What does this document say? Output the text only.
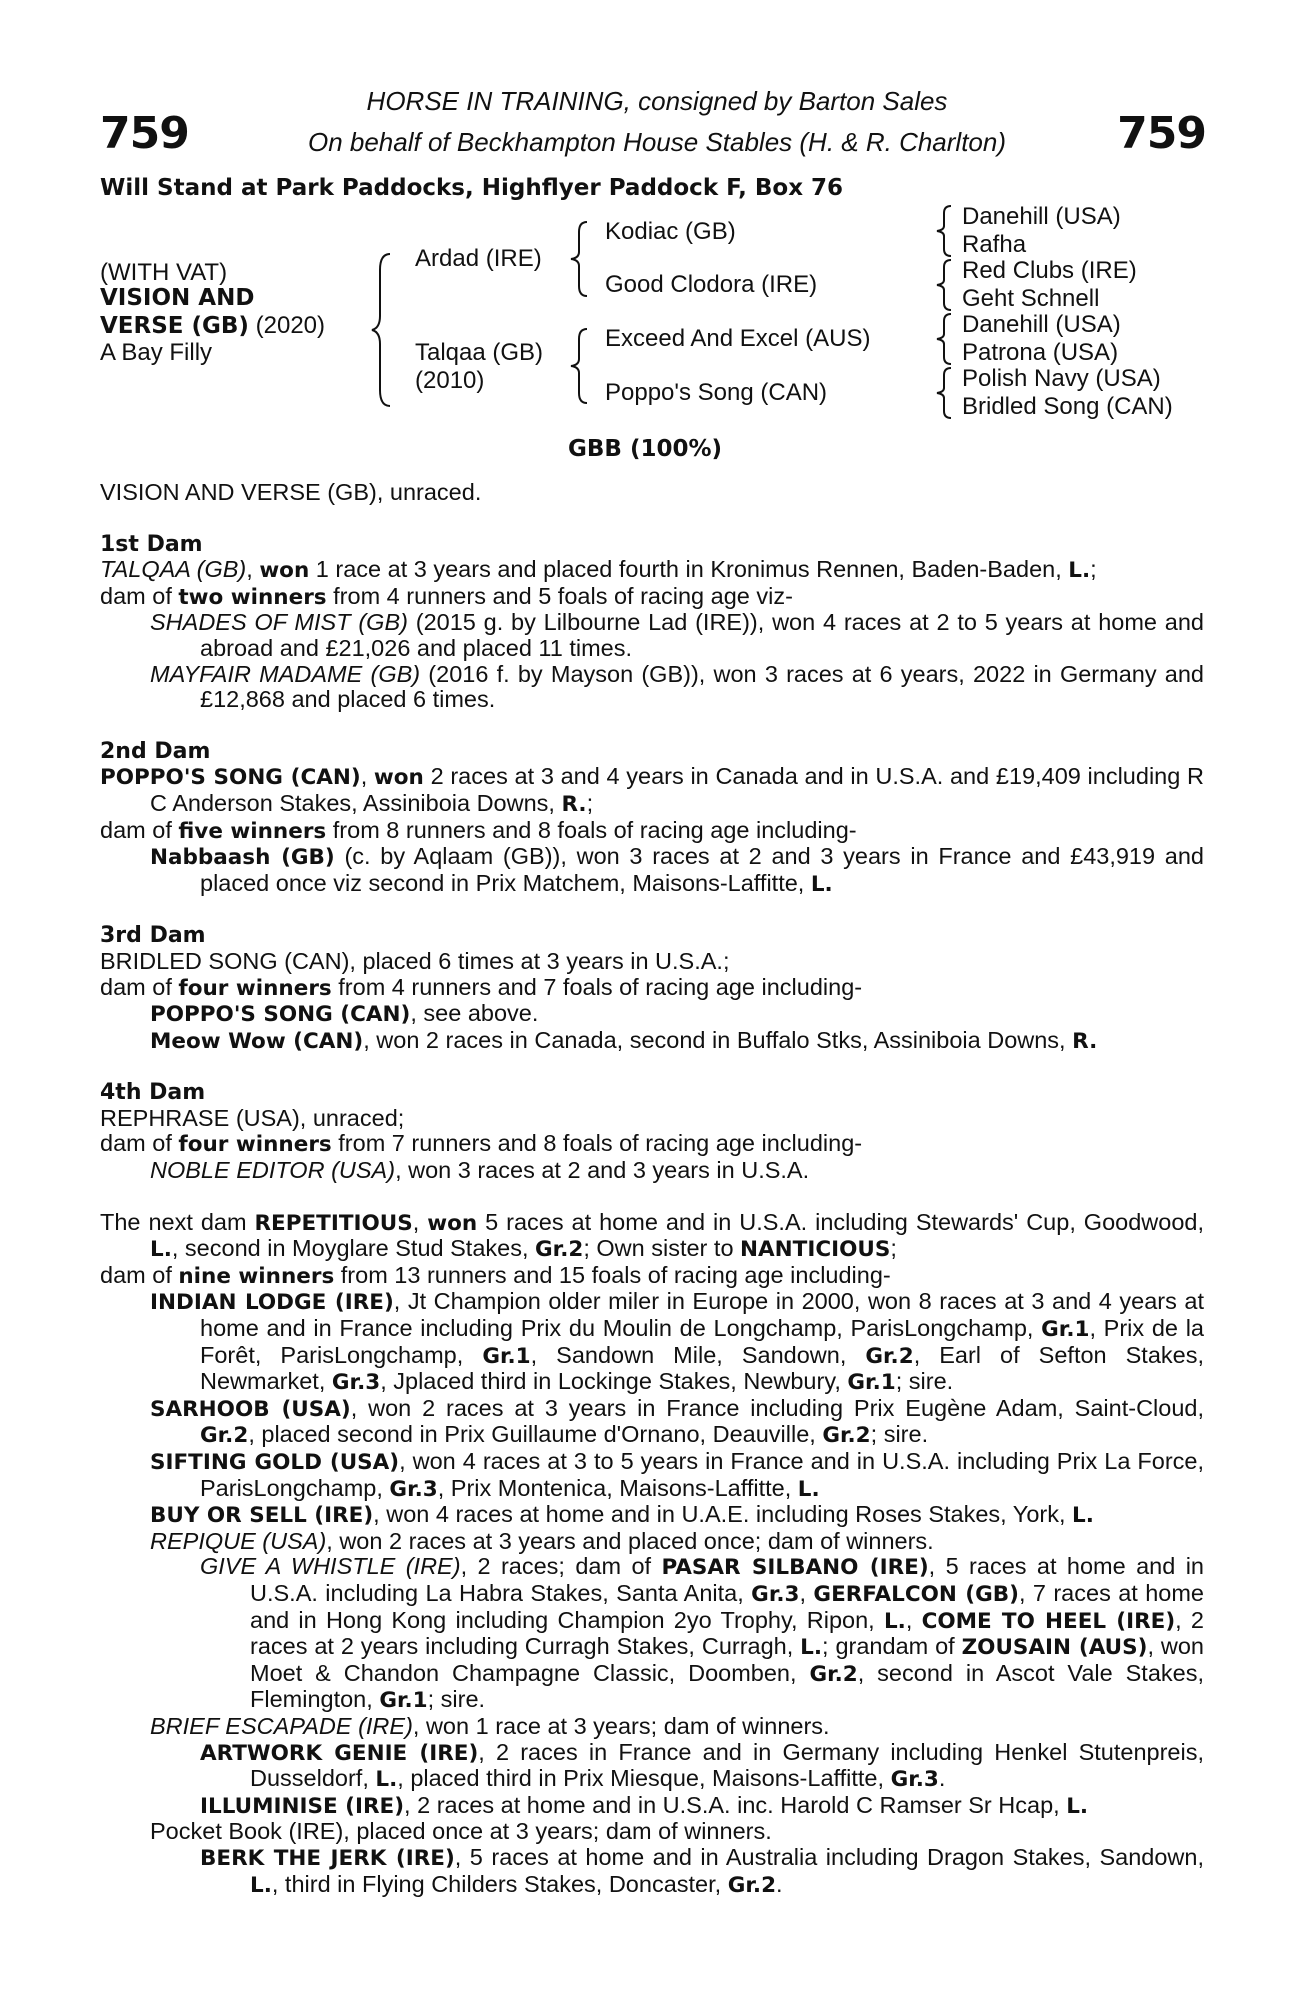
759	759
HORSE IN TRAINING, consigned by Barton Sales
On behalf of Beckhampton House Stables (H. & R. Charlton)
Will Stand at Park Paddocks, Highflyer Paddock F, Box 76
(WITH VAT)
VISION AND
VERSE (GB) (2020)
A Bay Filly
Ardad (IRE)
Talqaa (GB)
(2010)
Kodiac (GB)
Good Clodora (IRE)
Exceed And Excel (AUS)
Poppo's Song (CAN)
Danehill (USA)
Rafha
Red Clubs (IRE)
Geht Schnell
Danehill (USA)
Patrona (USA)
Polish Navy (USA)
Bridled Song (CAN)
GBB (100%)

VISION AND VERSE (GB), unraced.

1st Dam

TALQAA (GB), won 1 race at 3 years and placed fourth in Kronimus Rennen, Baden-Baden, L.;

dam of two winners from 4 runners and 5 foals of racing age viz-

SHADES OF MIST (GB) (2015 g. by Lilbourne Lad (IRE)), won 4 races at 2 to 5 years at home and abroad and £21,026 and placed 11 times.

MAYFAIR MADAME (GB) (2016 f. by Mayson (GB)), won 3 races at 6 years, 2022 in Germany and £12,868 and placed 6 times.

2nd Dam

POPPO'S SONG (CAN), won 2 races at 3 and 4 years in Canada and in U.S.A. and £19,409 including R C Anderson Stakes, Assiniboia Downs, R.;

dam of five winners from 8 runners and 8 foals of racing age including-

Nabbaash (GB) (c. by Aqlaam (GB)), won 3 races at 2 and 3 years in France and £43,919 and placed once viz second in Prix Matchem, Maisons-Laffitte, L.

3rd Dam

BRIDLED SONG (CAN), placed 6 times at 3 years in U.S.A.;

dam of four winners from 4 runners and 7 foals of racing age including-

POPPO'S SONG (CAN), see above.

Meow Wow (CAN), won 2 races in Canada, second in Buffalo Stks, Assiniboia Downs, R.

4th Dam

REPHRASE (USA), unraced;

dam of four winners from 7 runners and 8 foals of racing age including-

NOBLE EDITOR (USA), won 3 races at 2 and 3 years in U.S.A.

The next dam REPETITIOUS, won 5 races at home and in U.S.A. including Stewards' Cup, Goodwood, L., second in Moyglare Stud Stakes, Gr.2; Own sister to NANTICIOUS;

dam of nine winners from 13 runners and 15 foals of racing age including-

INDIAN LODGE (IRE), Jt Champion older miler in Europe in 2000, won 8 races at 3 and 4 years at home and in France including Prix du Moulin de Longchamp, ParisLongchamp, Gr.1, Prix de la Forêt, ParisLongchamp, Gr.1, Sandown Mile, Sandown, Gr.2, Earl of Sefton Stakes, Newmarket, Gr.3, Jplaced third in Lockinge Stakes, Newbury, Gr.1; sire.

SARHOOB (USA), won 2 races at 3 years in France including Prix Eugène Adam, Saint-Cloud, Gr.2, placed second in Prix Guillaume d'Ornano, Deauville, Gr.2; sire.

SIFTING GOLD (USA), won 4 races at 3 to 5 years in France and in U.S.A. including Prix La Force, ParisLongchamp, Gr.3, Prix Montenica, Maisons-Laffitte, L.

BUY OR SELL (IRE), won 4 races at home and in U.A.E. including Roses Stakes, York, L.

REPIQUE (USA), won 2 races at 3 years and placed once; dam of winners.

GIVE A WHISTLE (IRE), 2 races; dam of PASAR SILBANO (IRE), 5 races at home and in U.S.A. including La Habra Stakes, Santa Anita, Gr.3, GERFALCON (GB), 7 races at home and in Hong Kong including Champion 2yo Trophy, Ripon, L., COME TO HEEL (IRE), 2 races at 2 years including Curragh Stakes, Curragh, L.; grandam of ZOUSAIN (AUS), won Moet & Chandon Champagne Classic, Doomben, Gr.2, second in Ascot Vale Stakes, Flemington, Gr.1; sire.

BRIEF ESCAPADE (IRE), won 1 race at 3 years; dam of winners.

ARTWORK GENIE (IRE), 2 races in France and in Germany including Henkel Stutenpreis, Dusseldorf, L., placed third in Prix Miesque, Maisons-Laffitte, Gr.3.

ILLUMINISE (IRE), 2 races at home and in U.S.A. inc. Harold C Ramser Sr Hcap, L.

Pocket Book (IRE), placed once at 3 years; dam of winners.

BERK THE JERK (IRE), 5 races at home and in Australia including Dragon Stakes, Sandown, L., third in Flying Childers Stakes, Doncaster, Gr.2.
